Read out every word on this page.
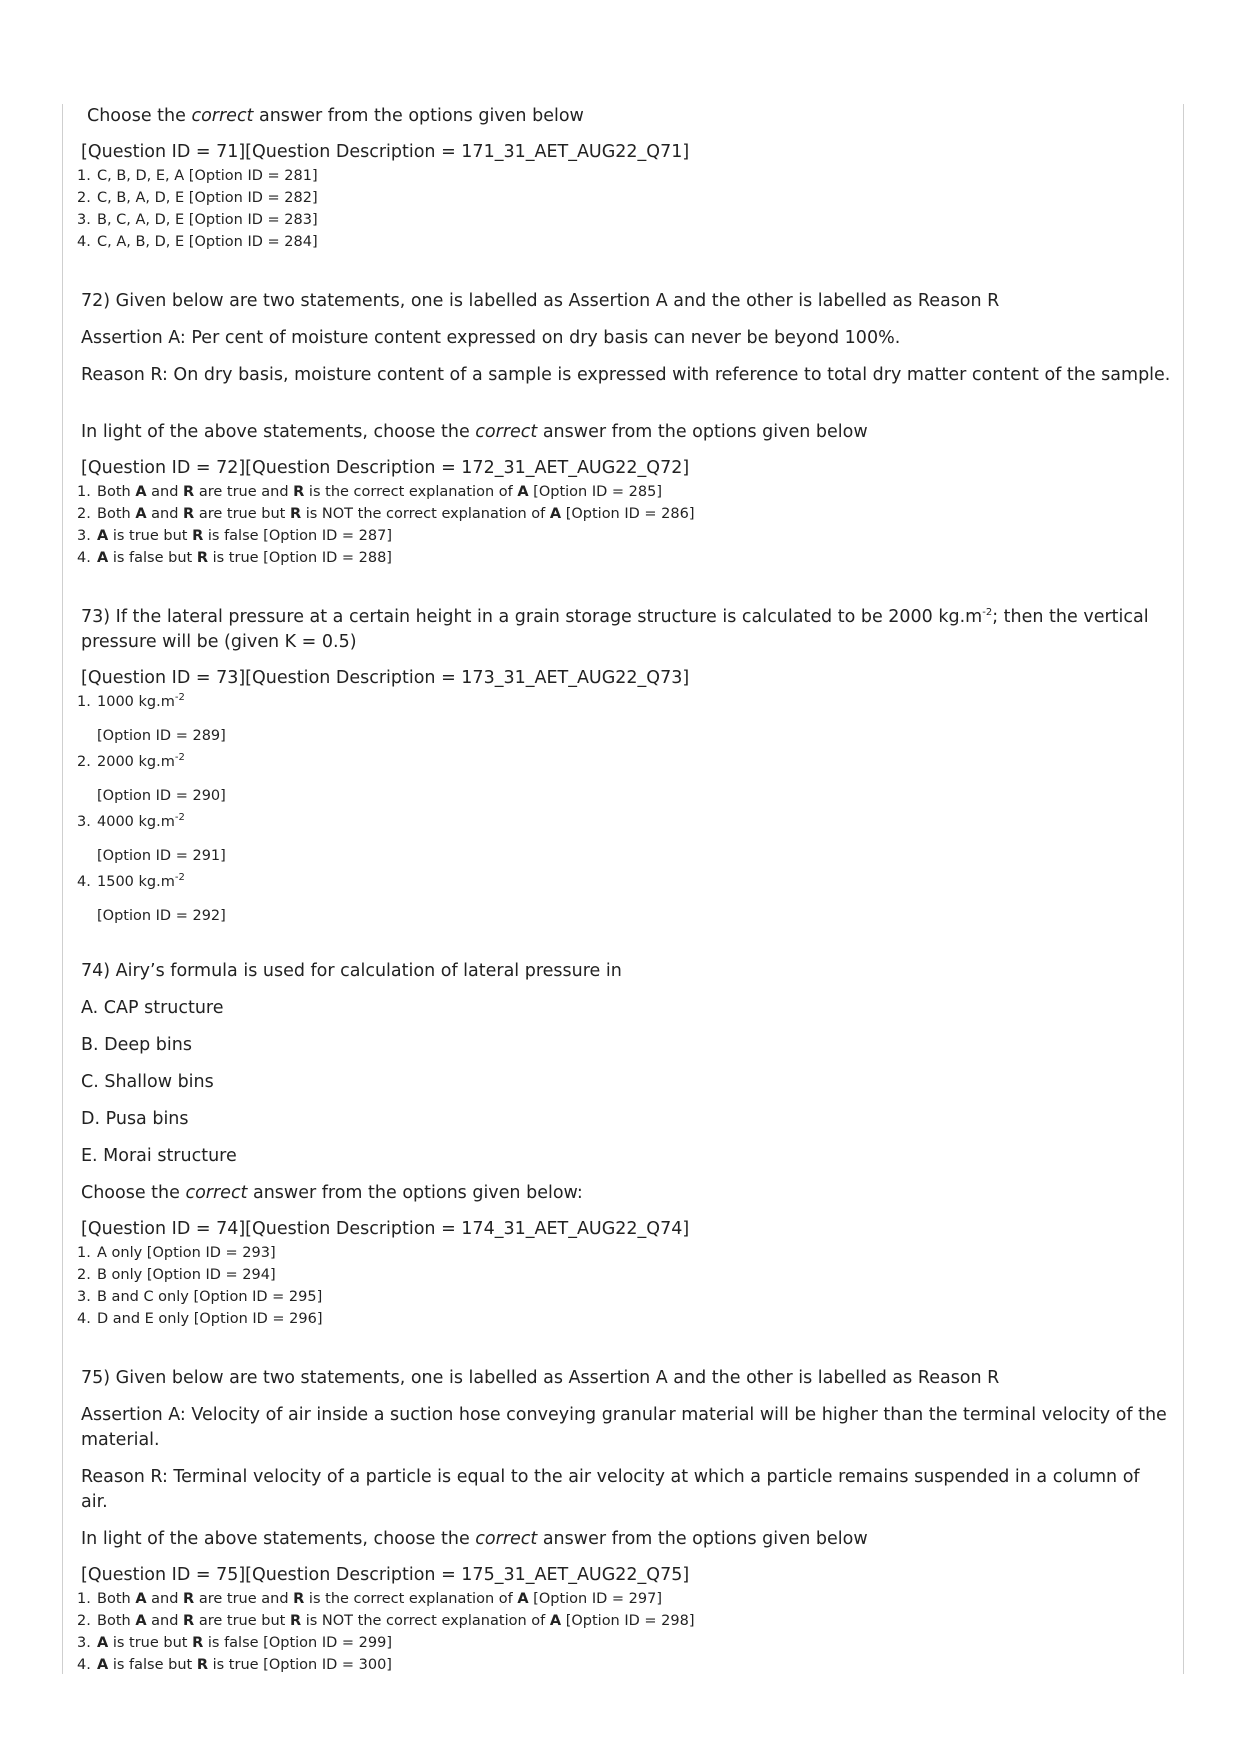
Choose the correct answer from the options given below

[Question ID = 71][Question Description = 171_31_AET_AUG22_Q71]

1. C, B, D, E, A [Option ID = 281]
2. C, B, A, D, E [Option ID = 282]
3. B, C, A, D, E [Option ID = 283]
4. C, A, B, D, E [Option ID = 284]

72) Given below are two statements, one is labelled as Assertion A and the other is labelled as Reason R

Assertion A: Per cent of moisture content expressed on dry basis can never be beyond 100%.

Reason R: On dry basis, moisture content of a sample is expressed with reference to total dry matter content of the sample.

In light of the above statements, choose the correct answer from the options given below

[Question ID = 72][Question Description = 172_31_AET_AUG22_Q72]

1. Both A and R are true and R is the correct explanation of A [Option ID = 285]
2. Both A and R are true but R is NOT the correct explanation of A [Option ID = 286]
3. A is true but R is false [Option ID = 287]
4. A is false but R is true [Option ID = 288]

73) If the lateral pressure at a certain height in a grain storage structure is calculated to be 2000 $kg.m^{-2}$; then the vertical pressure will be (given K = 0.5)

[Question ID = 73][Question Description = 173_31_AET_AUG22_Q73]

1. 1000 $kg.m^{-2}$
[Option ID = 289]
2. 2000 $kg.m^{-2}$
[Option ID = 290]
3. 4000 $kg.m^{-2}$
[Option ID = 291]
4. 1500 $kg.m^{-2}$
[Option ID = 292]

74) Airy’s formula is used for calculation of lateral pressure in

A. CAP structure

B. Deep bins

C. Shallow bins

D. Pusa bins

E. Morai structure

Choose the correct answer from the options given below:

[Question ID = 74][Question Description = 174_31_AET_AUG22_Q74]

1. A only [Option ID = 293]
2. B only [Option ID = 294]
3. B and C only [Option ID = 295]
4. D and E only [Option ID = 296]

75) Given below are two statements, one is labelled as Assertion A and the other is labelled as Reason R

Assertion A: Velocity of air inside a suction hose conveying granular material will be higher than the terminal velocity of the material.

Reason R: Terminal velocity of a particle is equal to the air velocity at which a particle remains suspended in a column of air.

In light of the above statements, choose the correct answer from the options given below

[Question ID = 75][Question Description = 175_31_AET_AUG22_Q75]

1. Both A and R are true and R is the correct explanation of A [Option ID = 297]
2. Both A and R are true but R is NOT the correct explanation of A [Option ID = 298]
3. A is true but R is false [Option ID = 299]
4. A is false but R is true [Option ID = 300]
